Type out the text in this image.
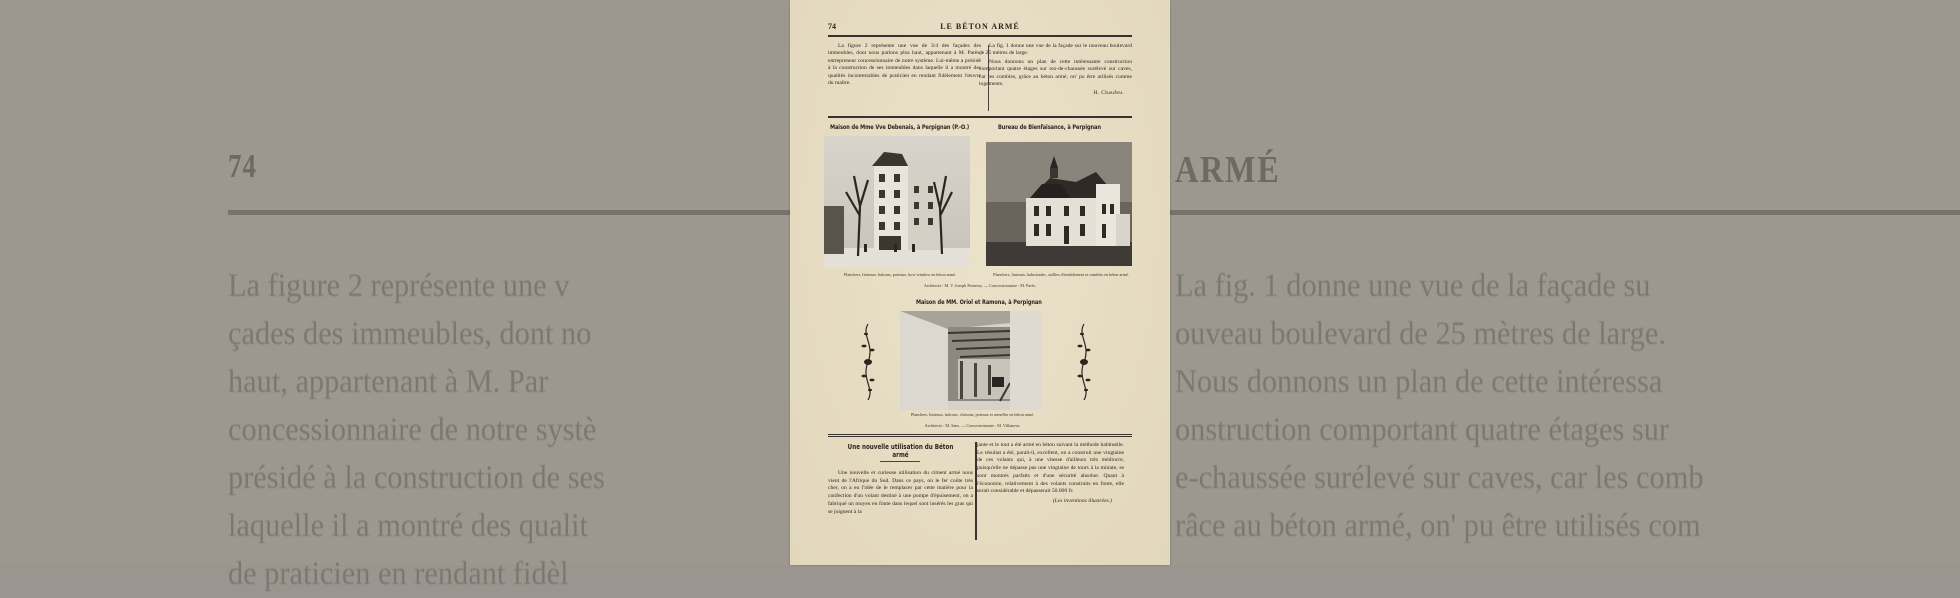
74	ARMÉ
La figure 2 représente une v
çades des immeubles, dont no
haut, appartenant à M. Par
concessionnaire de notre systè
présidé à la construction de ses
laquelle il a montré des qualit
de praticien en rendant fidèl
La fig. 1 donne une vue de la façade su
ouveau boulevard de 25 mètres de large.
Nous donnons un plan de cette intéressa
onstruction comportant quatre étages sur
e-chaussée surélevé sur caves, car les comb
râce au béton armé, on' pu être utilisés com
74	LE BÉTON ARMÉ

La figure 2 représente une vue de 3/4 des façades des immeubles, dont nous parlons plus haut, appartenant à M. Parès, entrepreneur concessionnaire de notre système. Lui-même a présidé à la construction de ses immeubles dans laquelle il a montré des qualités incontestables de praticien en rendant fidèlement l'œuvre du maître.

La fig. 1 donne une vue de la façade sur le nouveau boulevard de 25 mètres de large.

Nous donnons un plan de cette intéressante construction comportant quatre étages sur rez-de-chaussée surélevé sur caves, car les combles, grâce au béton armé, on' pu être utilisés comme logements.

H. Chaufeu.
Maison de Mme Vve Debenais, à Perpignan (P.-O.)	Bureau de Bienfaisance, à Perpignan
Planchers, linteaux, balcons, poteaux, bow-window en béton armé.	Planchers, linteaux, balustrades, saillies d'entablement et combles en béton armé.
Architecte : M. V. Joseph Pernessy. — Concessionnaire : M. Parès.
Maison de MM. Oriol et Ramona, à Perpignan
Planchers, linteaux, balcons, cloisons, poteaux et semelles en béton armé.
Architecte : M. Sans. — Concessionnaire : M. Villanova.
Une nouvelle utilisation du Béton armé

Une nouvelle et curieuse utilisation du ciment armé nous vient de l'Afrique du Sud. Dans ce pays, où le fer coûte très cher, on a eu l'idée de le remplacer par cette matière pour la confection d'un volant destiné à une pompe d'épuisement, on a fabriqué un moyeu en fonte dans lequel sont insérés les gras qui se joignent à la

jante et le tout a été armé en béton suivant la méthode habituelle. Le résultat a été, paraît-il, excellent, on a construit une vingtaine de ces volants qui, à une vitesse d'ailleurs très médiocre, puisqu'elle ne dépasse pas une vingtaine de tours à la minute, se sont montrés parfaits et d'une sécurité absolue. Quant à l'économie, relativement à des volants construits en fonte, elle serait considérable et dépasserait 50.000 fr.

(Les inventions illustrées.)
